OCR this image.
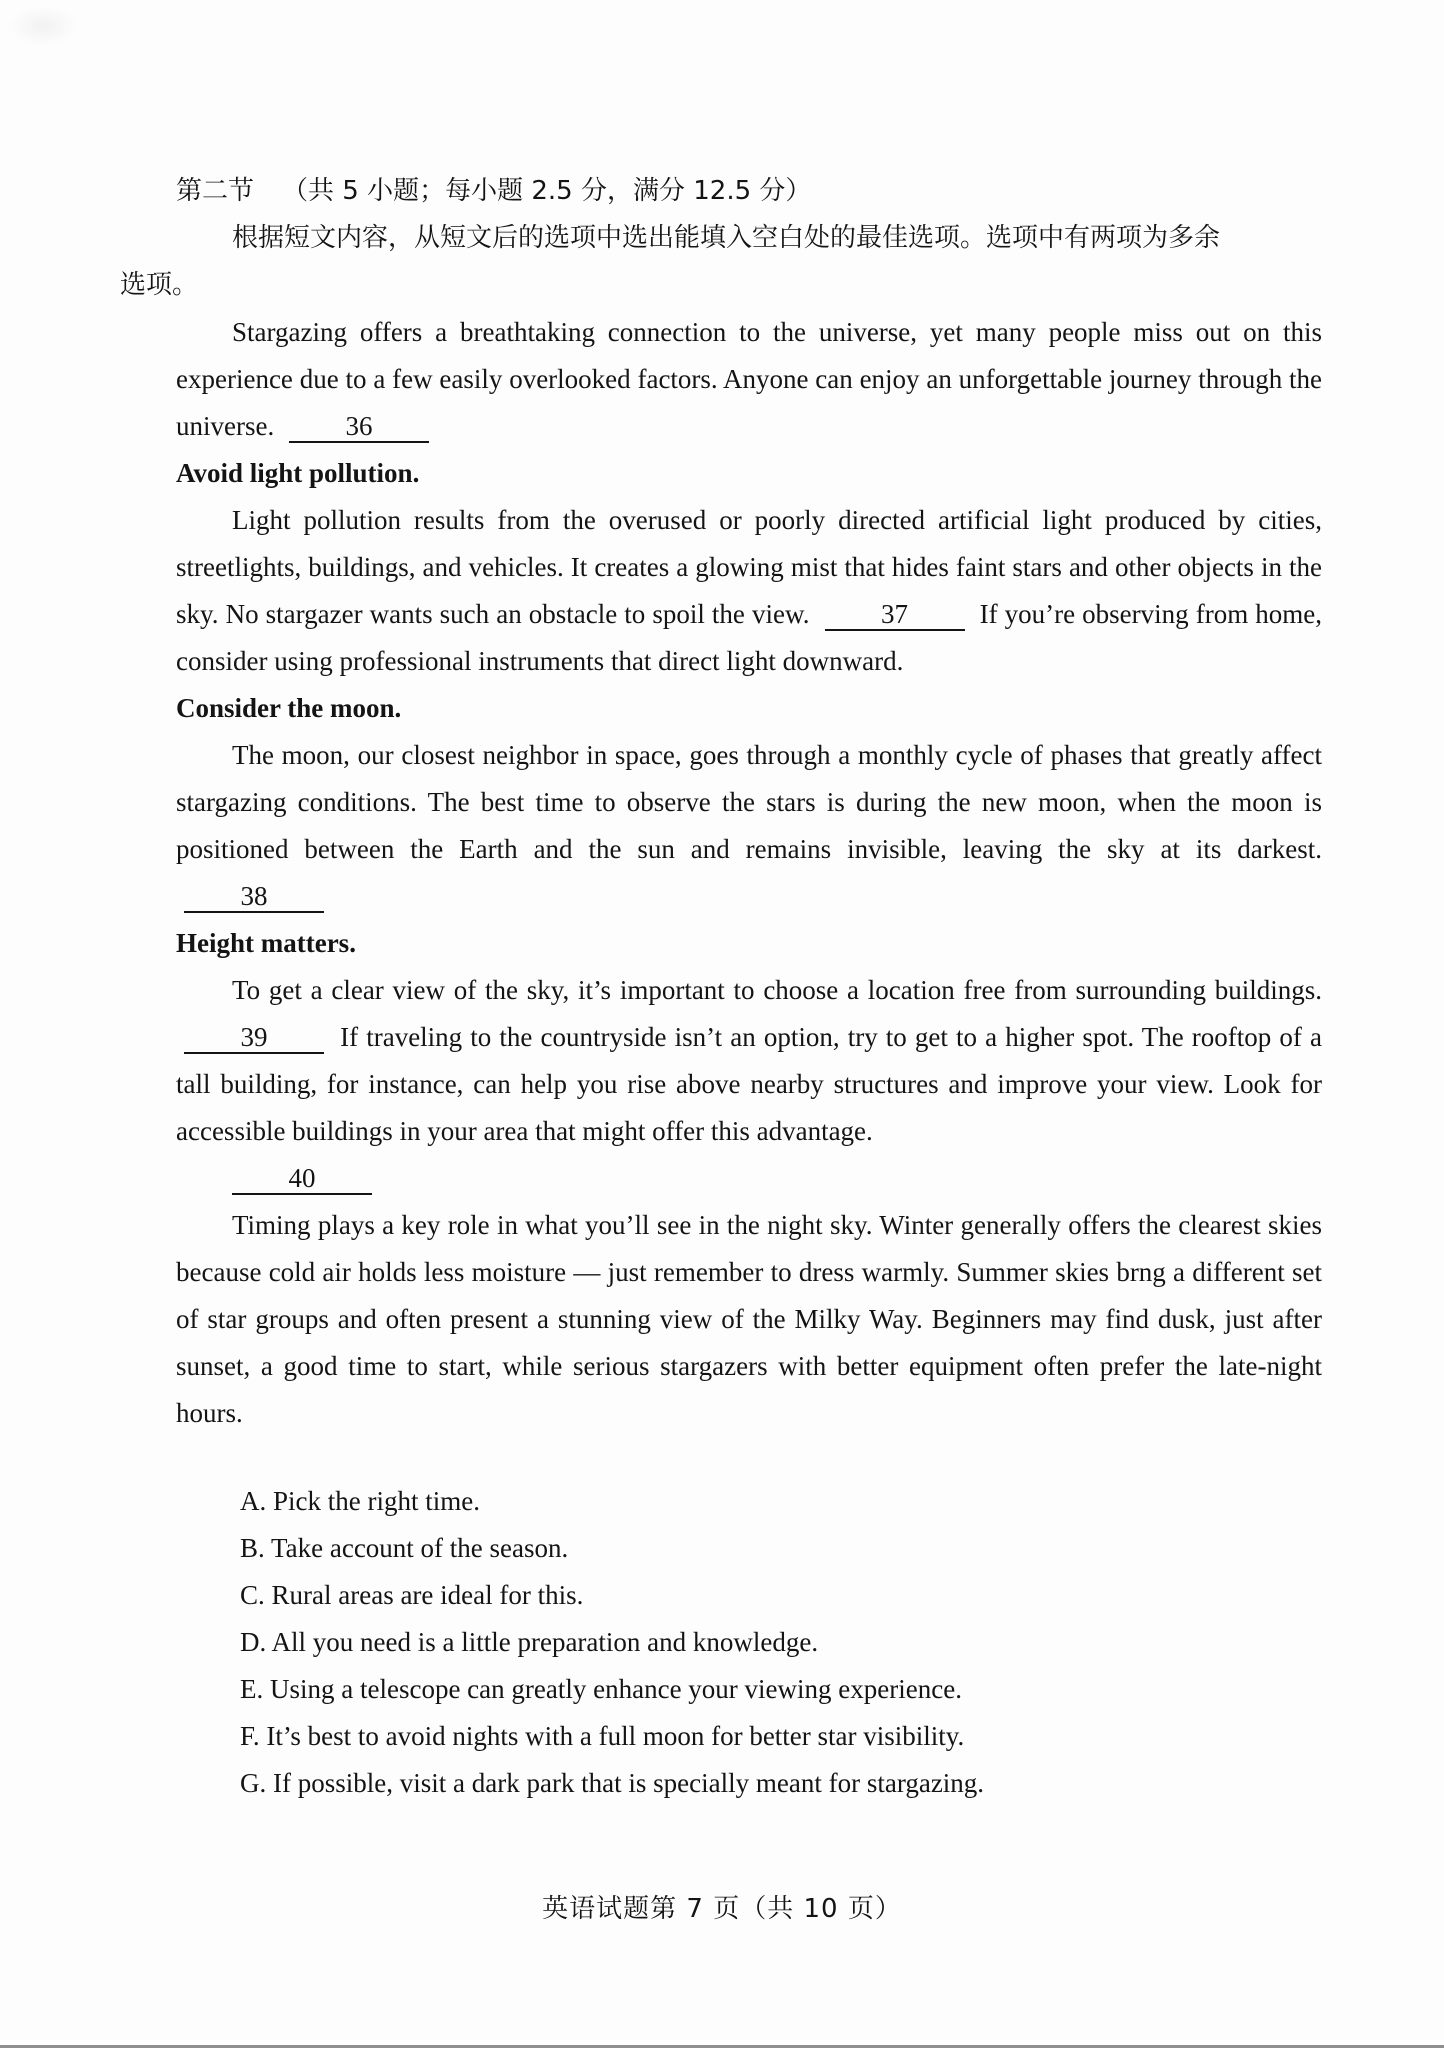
第二节 （共 5 小题；每小题 2.5 分，满分 12.5 分）

根据短文内容，从短文后的选项中选出能填入空白处的最佳选项。选项中有两项为多余
选项。

Stargazing offers a breathtaking connection to the universe, yet many people miss out on this experience due to a few easily overlooked factors. Anyone can enjoy an unforgettable journey through the universe.	36

Avoid light pollution.

Light pollution results from the overused or poorly directed artificial light produced by cities, streetlights, buildings, and vehicles. It creates a glowing mist that hides faint stars and other objects in the sky. No stargazer wants such an obstacle to spoil the view.	37	If you’re observing from home, consider using professional instruments that direct light downward.

Consider the moon.

The moon, our closest neighbor in space, goes through a monthly cycle of phases that greatly affect stargazing conditions. The best time to observe the stars is during the new moon, when the moon is positioned between the Earth and the sun and remains invisible, leaving the sky at its darkest. 38

Height matters.

To get a clear view of the sky, it’s important to choose a location free from surrounding buildings. 39	If traveling to the countryside isn’t an option, try to get to a higher spot. The rooftop of a tall building, for instance, can help you rise above nearby structures and improve your view. Look for accessible buildings in your area that might offer this advantage.

40

Timing plays a key role in what you’ll see in the night sky. Winter generally offers the clearest skies because cold air holds less moisture — just remember to dress warmly. Summer skies brng a different set of star groups and often present a stunning view of the Milky Way. Beginners may find dusk, just after sunset, a good time to start, while serious stargazers with better equipment often prefer the late-night hours.

A. Pick the right time.

B. Take account of the season.

C. Rural areas are ideal for this.

D. All you need is a little preparation and knowledge.

E. Using a telescope can greatly enhance your viewing experience.

F. It’s best to avoid nights with a full moon for better star visibility.

G. If possible, visit a dark park that is specially meant for stargazing.

英语试题第 7 页（共 10 页）
